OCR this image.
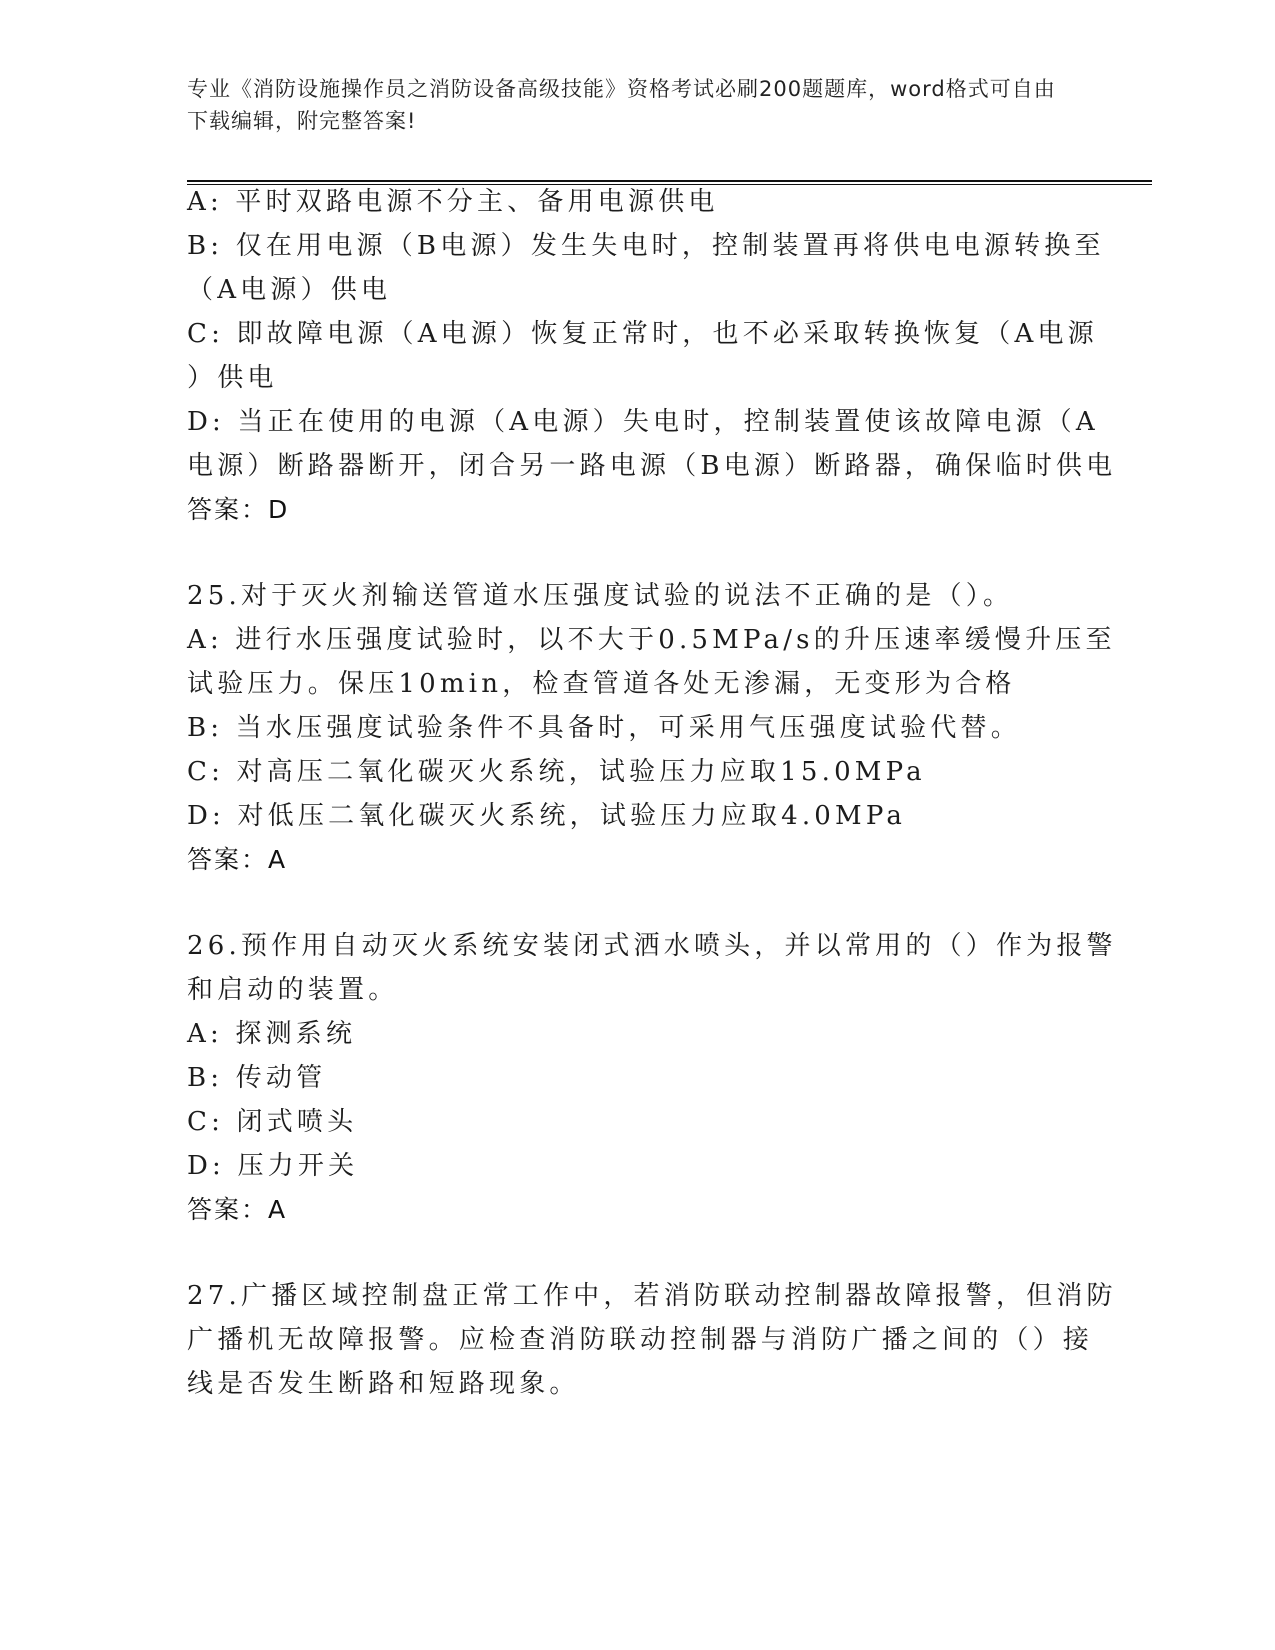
专业《消防设施操作员之消防设备高级技能》资格考试必刷200题题库，word格式可自由下载编辑，附完整答案!
A: 平时双路电源不分主、备用电源供电
B: 仅在用电源（B电源）发生失电时，控制装置再将供电电源转换至
（A电源）供电
C: 即故障电源（A电源）恢复正常时，也不必采取转换恢复（A电源
）供电
D: 当正在使用的电源（A电源）失电时，控制装置使该故障电源（A
电源）断路器断开，闭合另一路电源（B电源）断路器，确保临时供电
答案：D
25.对于灭火剂输送管道水压强度试验的说法不正确的是（）。
A: 进行水压强度试验时，以不大于0.5MPa/s的升压速率缓慢升压至
试验压力。保压10min，检查管道各处无渗漏，无变形为合格
B: 当水压强度试验条件不具备时，可采用气压强度试验代替。
C: 对高压二氧化碳灭火系统，试验压力应取15.0MPa
D: 对低压二氧化碳灭火系统，试验压力应取4.0MPa
答案：A
26.预作用自动灭火系统安装闭式洒水喷头，并以常用的（）作为报警
和启动的装置。
A: 探测系统
B: 传动管
C: 闭式喷头
D: 压力开关
答案：A
27.广播区域控制盘正常工作中，若消防联动控制器故障报警，但消防
广播机无故障报警。应检查消防联动控制器与消防广播之间的（）接
线是否发生断路和短路现象。
